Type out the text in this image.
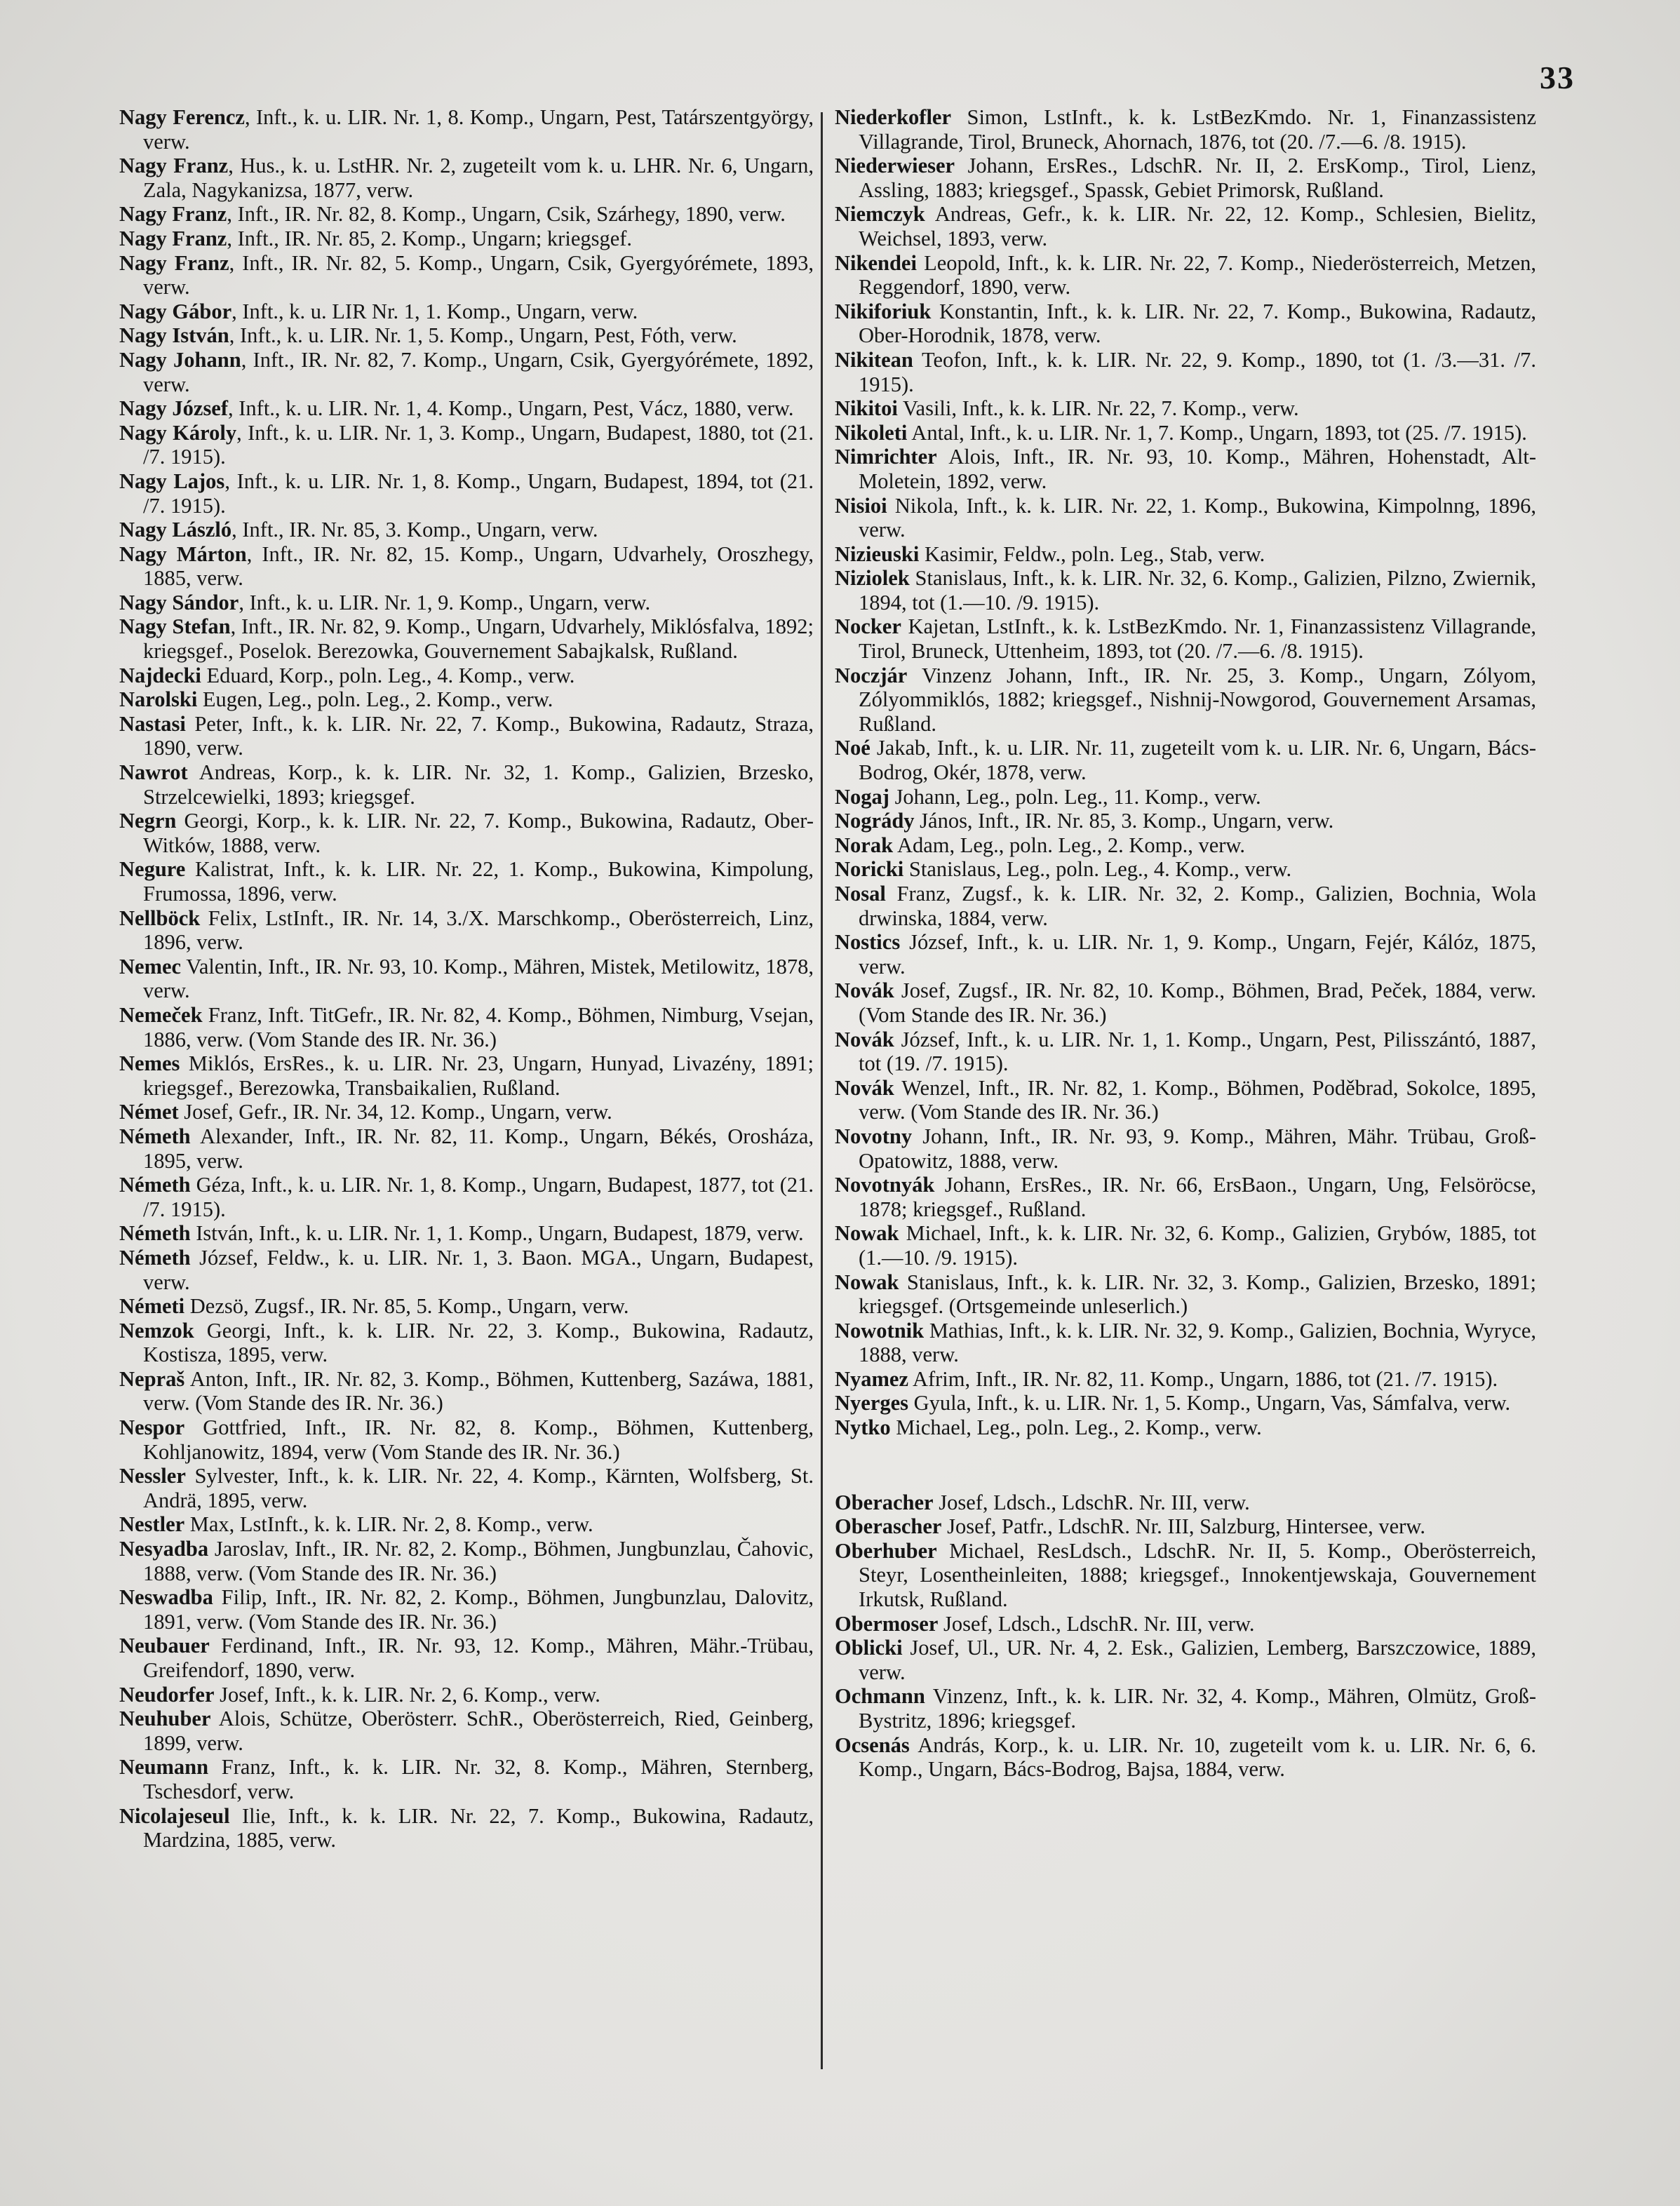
33
Nagy Ferencz, Inft., k. u. LIR. Nr. 1, 8. Komp., Ungarn, Pest, Tatárszentgyörgy, verw.
Nagy Franz, Hus., k. u. LstHR. Nr. 2, zugeteilt vom k. u. LHR. Nr. 6, Ungarn, Zala, Nagykanizsa, 1877, verw.
Nagy Franz, Inft., IR. Nr. 82, 8. Komp., Ungarn, Csik, Szárhegy, 1890, verw.
Nagy Franz, Inft., IR. Nr. 85, 2. Komp., Ungarn; kriegsgef.
Nagy Franz, Inft., IR. Nr. 82, 5. Komp., Ungarn, Csik, Gyergyórémete, 1893, verw.
Nagy Gábor, Inft., k. u. LIR Nr. 1, 1. Komp., Ungarn, verw.
Nagy István, Inft., k. u. LIR. Nr. 1, 5. Komp., Ungarn, Pest, Fóth, verw.
Nagy Johann, Inft., IR. Nr. 82, 7. Komp., Ungarn, Csik, Gyergyórémete, 1892, verw.
Nagy József, Inft., k. u. LIR. Nr. 1, 4. Komp., Ungarn, Pest, Vácz, 1880, verw.
Nagy Károly, Inft., k. u. LIR. Nr. 1, 3. Komp., Ungarn, Budapest, 1880, tot (21. /7. 1915).
Nagy Lajos, Inft., k. u. LIR. Nr. 1, 8. Komp., Ungarn, Budapest, 1894, tot (21. /7. 1915).
Nagy László, Inft., IR. Nr. 85, 3. Komp., Ungarn, verw.
Nagy Márton, Inft., IR. Nr. 82, 15. Komp., Ungarn, Udvarhely, Oroszhegy, 1885, verw.
Nagy Sándor, Inft., k. u. LIR. Nr. 1, 9. Komp., Ungarn, verw.
Nagy Stefan, Inft., IR. Nr. 82, 9. Komp., Ungarn, Udvarhely, Miklósfalva, 1892; kriegsgef., Poselok. Berezowka, Gouvernement Sabajkalsk, Rußland.
Najdecki Eduard, Korp., poln. Leg., 4. Komp., verw.
Narolski Eugen, Leg., poln. Leg., 2. Komp., verw.
Nastasi Peter, Inft., k. k. LIR. Nr. 22, 7. Komp., Bukowina, Radautz, Straza, 1890, verw.
Nawrot Andreas, Korp., k. k. LIR. Nr. 32, 1. Komp., Galizien, Brzesko, Strzelcewielki, 1893; kriegsgef.
Negrn Georgi, Korp., k. k. LIR. Nr. 22, 7. Komp., Bukowina, Radautz, Ober-Witków, 1888, verw.
Negure Kalistrat, Inft., k. k. LIR. Nr. 22, 1. Komp., Bukowina, Kimpolung, Frumossa, 1896, verw.
Nellböck Felix, LstInft., IR. Nr. 14, 3./X. Marschkomp., Oberösterreich, Linz, 1896, verw.
Nemec Valentin, Inft., IR. Nr. 93, 10. Komp., Mähren, Mistek, Metilowitz, 1878, verw.
Nemeček Franz, Inft. TitGefr., IR. Nr. 82, 4. Komp., Böhmen, Nimburg, Vsejan, 1886, verw. (Vom Stande des IR. Nr. 36.)
Nemes Miklós, ErsRes., k. u. LIR. Nr. 23, Ungarn, Hunyad, Livazény, 1891; kriegsgef., Berezowka, Transbaikalien, Rußland.
Német Josef, Gefr., IR. Nr. 34, 12. Komp., Ungarn, verw.
Németh Alexander, Inft., IR. Nr. 82, 11. Komp., Ungarn, Békés, Orosháza, 1895, verw.
Németh Géza, Inft., k. u. LIR. Nr. 1, 8. Komp., Ungarn, Budapest, 1877, tot (21. /7. 1915).
Németh István, Inft., k. u. LIR. Nr. 1, 1. Komp., Ungarn, Budapest, 1879, verw.
Németh József, Feldw., k. u. LIR. Nr. 1, 3. Baon. MGA., Ungarn, Budapest, verw.
Németi Dezsö, Zugsf., IR. Nr. 85, 5. Komp., Ungarn, verw.
Nemzok Georgi, Inft., k. k. LIR. Nr. 22, 3. Komp., Bukowina, Radautz, Kostisza, 1895, verw.
Nepraš Anton, Inft., IR. Nr. 82, 3. Komp., Böhmen, Kuttenberg, Sazáwa, 1881, verw. (Vom Stande des IR. Nr. 36.)
Nespor Gottfried, Inft., IR. Nr. 82, 8. Komp., Böhmen, Kuttenberg, Kohljanowitz, 1894, verw (Vom Stande des IR. Nr. 36.)
Nessler Sylvester, Inft., k. k. LIR. Nr. 22, 4. Komp., Kärnten, Wolfsberg, St. Andrä, 1895, verw.
Nestler Max, LstInft., k. k. LIR. Nr. 2, 8. Komp., verw.
Nesyadba Jaroslav, Inft., IR. Nr. 82, 2. Komp., Böhmen, Jungbunzlau, Čahovic, 1888, verw. (Vom Stande des IR. Nr. 36.)
Neswadba Filip, Inft., IR. Nr. 82, 2. Komp., Böhmen, Jungbunzlau, Dalovitz, 1891, verw. (Vom Stande des IR. Nr. 36.)
Neubauer Ferdinand, Inft., IR. Nr. 93, 12. Komp., Mähren, Mähr.-Trübau, Greifendorf, 1890, verw.
Neudorfer Josef, Inft., k. k. LIR. Nr. 2, 6. Komp., verw.
Neuhuber Alois, Schütze, Oberösterr. SchR., Oberösterreich, Ried, Geinberg, 1899, verw.
Neumann Franz, Inft., k. k. LIR. Nr. 32, 8. Komp., Mähren, Sternberg, Tschesdorf, verw.
Nicolajeseul Ilie, Inft., k. k. LIR. Nr. 22, 7. Komp., Bukowina, Radautz, Mardzina, 1885, verw.
Niederkofler Simon, LstInft., k. k. LstBezKmdo. Nr. 1, Finanzassistenz Villagrande, Tirol, Bruneck, Ahornach, 1876, tot (20. /7.—6. /8. 1915).
Niederwieser Johann, ErsRes., LdschR. Nr. II, 2. ErsKomp., Tirol, Lienz, Assling, 1883; kriegsgef., Spassk, Gebiet Primorsk, Rußland.
Niemczyk Andreas, Gefr., k. k. LIR. Nr. 22, 12. Komp., Schlesien, Bielitz, Weichsel, 1893, verw.
Nikendei Leopold, Inft., k. k. LIR. Nr. 22, 7. Komp., Niederösterreich, Metzen, Reggendorf, 1890, verw.
Nikiforiuk Konstantin, Inft., k. k. LIR. Nr. 22, 7. Komp., Bukowina, Radautz, Ober-Horodnik, 1878, verw.
Nikitean Teofon, Inft., k. k. LIR. Nr. 22, 9. Komp., 1890, tot (1. /3.—31. /7. 1915).
Nikitoi Vasili, Inft., k. k. LIR. Nr. 22, 7. Komp., verw.
Nikoleti Antal, Inft., k. u. LIR. Nr. 1, 7. Komp., Ungarn, 1893, tot (25. /7. 1915).
Nimrichter Alois, Inft., IR. Nr. 93, 10. Komp., Mähren, Hohenstadt, Alt-Moletein, 1892, verw.
Nisioi Nikola, Inft., k. k. LIR. Nr. 22, 1. Komp., Bukowina, Kimpolnng, 1896, verw.
Nizieuski Kasimir, Feldw., poln. Leg., Stab, verw.
Niziolek Stanislaus, Inft., k. k. LIR. Nr. 32, 6. Komp., Galizien, Pilzno, Zwiernik, 1894, tot (1.—10. /9. 1915).
Nocker Kajetan, LstInft., k. k. LstBezKmdo. Nr. 1, Finanzassistenz Villagrande, Tirol, Bruneck, Uttenheim, 1893, tot (20. /7.—6. /8. 1915).
Noczjár Vinzenz Johann, Inft., IR. Nr. 25, 3. Komp., Ungarn, Zólyom, Zólyommiklós, 1882; kriegsgef., Nishnij-Nowgorod, Gouvernement Arsamas, Rußland.
Noé Jakab, Inft., k. u. LIR. Nr. 11, zugeteilt vom k. u. LIR. Nr. 6, Ungarn, Bács-Bodrog, Okér, 1878, verw.
Nogaj Johann, Leg., poln. Leg., 11. Komp., verw.
Nogrády János, Inft., IR. Nr. 85, 3. Komp., Ungarn, verw.
Norak Adam, Leg., poln. Leg., 2. Komp., verw.
Noricki Stanislaus, Leg., poln. Leg., 4. Komp., verw.
Nosal Franz, Zugsf., k. k. LIR. Nr. 32, 2. Komp., Galizien, Bochnia, Wola drwinska, 1884, verw.
Nostics József, Inft., k. u. LIR. Nr. 1, 9. Komp., Ungarn, Fejér, Kálóz, 1875, verw.
Novák Josef, Zugsf., IR. Nr. 82, 10. Komp., Böhmen, Brad, Peček, 1884, verw. (Vom Stande des IR. Nr. 36.)
Novák József, Inft., k. u. LIR. Nr. 1, 1. Komp., Ungarn, Pest, Pilisszántó, 1887, tot (19. /7. 1915).
Novák Wenzel, Inft., IR. Nr. 82, 1. Komp., Böhmen, Poděbrad, Sokolce, 1895, verw. (Vom Stande des IR. Nr. 36.)
Novotny Johann, Inft., IR. Nr. 93, 9. Komp., Mähren, Mähr. Trübau, Groß-Opatowitz, 1888, verw.
Novotnyák Johann, ErsRes., IR. Nr. 66, ErsBaon., Ungarn, Ung, Felsöröcse, 1878; kriegsgef., Rußland.
Nowak Michael, Inft., k. k. LIR. Nr. 32, 6. Komp., Galizien, Grybów, 1885, tot (1.—10. /9. 1915).
Nowak Stanislaus, Inft., k. k. LIR. Nr. 32, 3. Komp., Galizien, Brzesko, 1891; kriegsgef. (Ortsgemeinde unleserlich.)
Nowotnik Mathias, Inft., k. k. LIR. Nr. 32, 9. Komp., Galizien, Bochnia, Wyryce, 1888, verw.
Nyamez Afrim, Inft., IR. Nr. 82, 11. Komp., Ungarn, 1886, tot (21. /7. 1915).
Nyerges Gyula, Inft., k. u. LIR. Nr. 1, 5. Komp., Ungarn, Vas, Sámfalva, verw.
Nytko Michael, Leg., poln. Leg., 2. Komp., verw.
Oberacher Josef, Ldsch., LdschR. Nr. III, verw.
Oberascher Josef, Patfr., LdschR. Nr. III, Salzburg, Hintersee, verw.
Oberhuber Michael, ResLdsch., LdschR. Nr. II, 5. Komp., Oberösterreich, Steyr, Losentheinleiten, 1888; kriegsgef., Innokentjewskaja, Gouvernement Irkutsk, Rußland.
Obermoser Josef, Ldsch., LdschR. Nr. III, verw.
Oblicki Josef, Ul., UR. Nr. 4, 2. Esk., Galizien, Lemberg, Barszczowice, 1889, verw.
Ochmann Vinzenz, Inft., k. k. LIR. Nr. 32, 4. Komp., Mähren, Olmütz, Groß-Bystritz, 1896; kriegsgef.
Ocsenás András, Korp., k. u. LIR. Nr. 10, zugeteilt vom k. u. LIR. Nr. 6, 6. Komp., Ungarn, Bács-Bodrog, Bajsa, 1884, verw.
